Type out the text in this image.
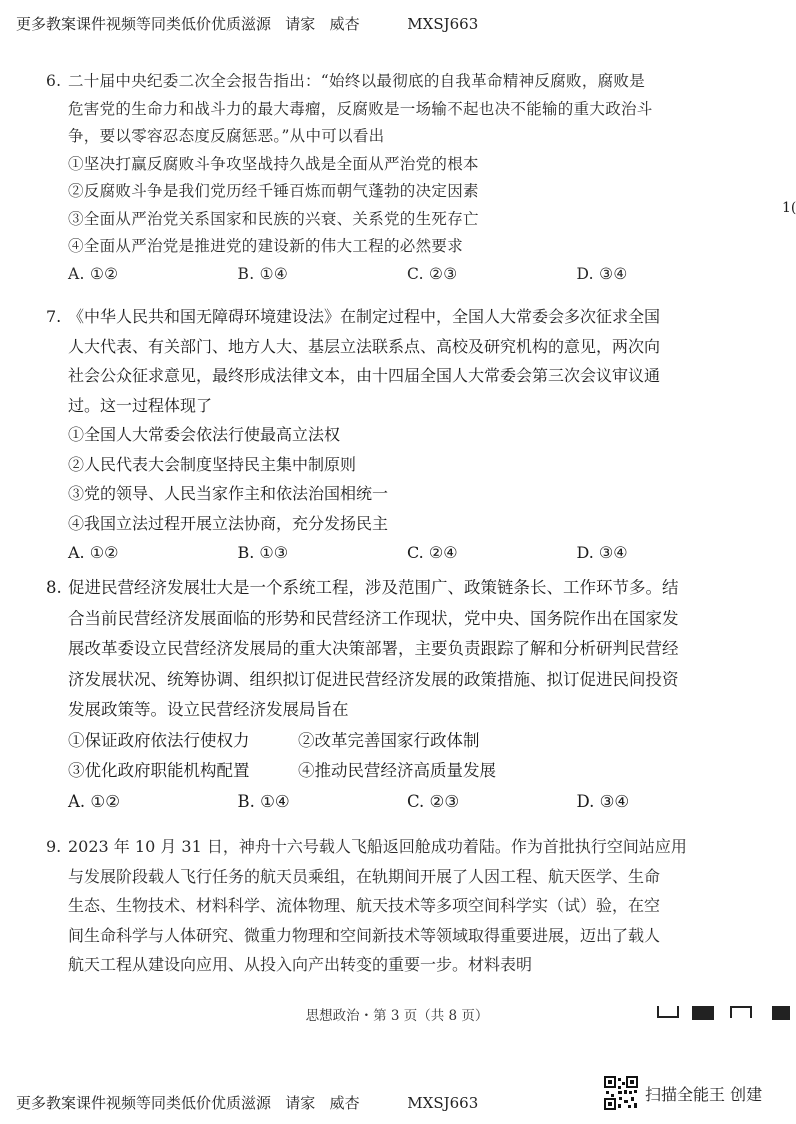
更多教案课件视频等同类低价优质滋源   请家   威杏          MXSJ663

6. 二十届中央纪委二次全会报告指出：“始终以最彻底的自我革命精神反腐败，腐败是

危害党的生命力和战斗力的最大毒瘤，反腐败是一场输不起也决不能输的重大政治斗
争，要以零容忍态度反腐惩恶。”从中可以看出

①坚决打赢反腐败斗争攻坚战持久战是全面从严治党的根本

②反腐败斗争是我们党历经千锤百炼而朝气蓬勃的决定因素

③全面从严治党关系国家和民族的兴衰、关系党的生死存亡

④全面从严治党是推进党的建设新的伟大工程的必然要求

A. ①②	B. ①④	C. ②③	D. ③④

7. 《中华人民共和国无障碍环境建设法》在制定过程中，全国人大常委会多次征求全国

人大代表、有关部门、地方人大、基层立法联系点、高校及研究机构的意见，两次向
社会公众征求意见，最终形成法律文本，由十四届全国人大常委会第三次会议审议通
过。这一过程体现了

①全国人大常委会依法行使最高立法权

②人民代表大会制度坚持民主集中制原则

③党的领导、人民当家作主和依法治国相统一

④我国立法过程开展立法协商，充分发扬民主

A. ①②	B. ①③	C. ②④	D. ③④

8. 促进民营经济发展壮大是一个系统工程，涉及范围广、政策链条长、工作环节多。结

合当前民营经济发展面临的形势和民营经济工作现状，党中央、国务院作出在国家发
展改革委设立民营经济发展局的重大决策部署，主要负责跟踪了解和分析研判民营经
济发展状况、统筹协调、组织拟订促进民营经济发展的政策措施、拟订促进民间投资
发展政策等。设立民营经济发展局旨在
①保证政府依法行使权力	②改革完善国家行政体制
③优化政府职能机构配置	④推动民营经济高质量发展
A. ①②	B. ①④	C. ②③	D. ③④

9. 2023 年 10 月 31 日，神舟十六号载人飞船返回舱成功着陆。作为首批执行空间站应用

与发展阶段载人飞行任务的航天员乘组，在轨期间开展了人因工程、航天医学、生命
生态、生物技术、材料科学、流体物理、航天技术等多项空间科学实（试）验，在空
间生命科学与人体研究、微重力物理和空间新技术等领域取得重要进展，迈出了载人
航天工程从建设向应用、从投入向产出转变的重要一步。材料表明
1(
思想政治・第 3 页（共 8 页）
更多教案课件视频等同类低价优质滋源   请家   威杏          MXSJ663	扫描全能王 创建
